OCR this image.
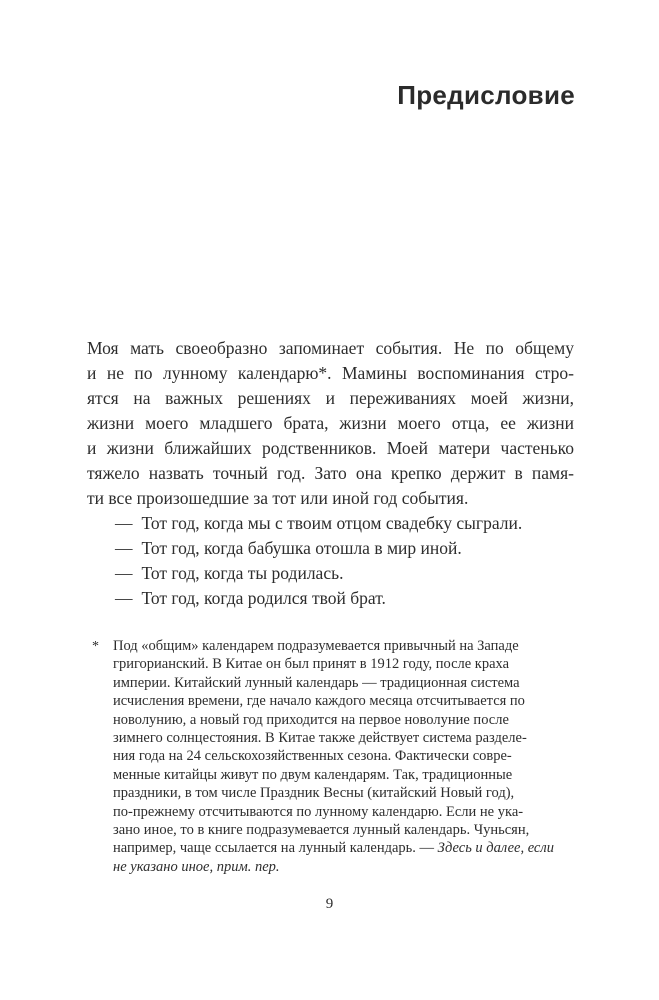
Предисловие
Моя мать своеобразно запоминает события. Не по общему
и не по лунному календарю*. Мамины воспоминания стро-
ятся на важных решениях и переживаниях моей жизни,
жизни моего младшего брата, жизни моего отца, ее жизни
и жизни ближайших родственников. Моей матери частенько
тяжело назвать точный год. Зато она крепко держит в памя-
ти все произошедшие за тот или иной год события.
— Тот год, когда мы с твоим отцом свадебку сыграли.
— Тот год, когда бабушка отошла в мир иной.
— Тот год, когда ты родилась.
— Тот год, когда родился твой брат.
* Под «общим» календарем подразумевается привычный на Западе
григорианский. В Китае он был принят в 1912 году, после краха
империи. Китайский лунный календарь — традиционная система
исчисления времени, где начало каждого месяца отсчитывается по
новолунию, а новый год приходится на первое новолуние после
зимнего солнцестояния. В Китае также действует система разделе-
ния года на 24 сельскохозяйственных сезона. Фактически совре-
менные китайцы живут по двум календарям. Так, традиционные
праздники, в том числе Праздник Весны (китайский Новый год),
по-прежнему отсчитываются по лунному календарю. Если не ука-
зано иное, то в книге подразумевается лунный календарь. Чуньсян,
например, чаще ссылается на лунный календарь. — Здесь и далее, если
не указано иное, прим. пер.
9
